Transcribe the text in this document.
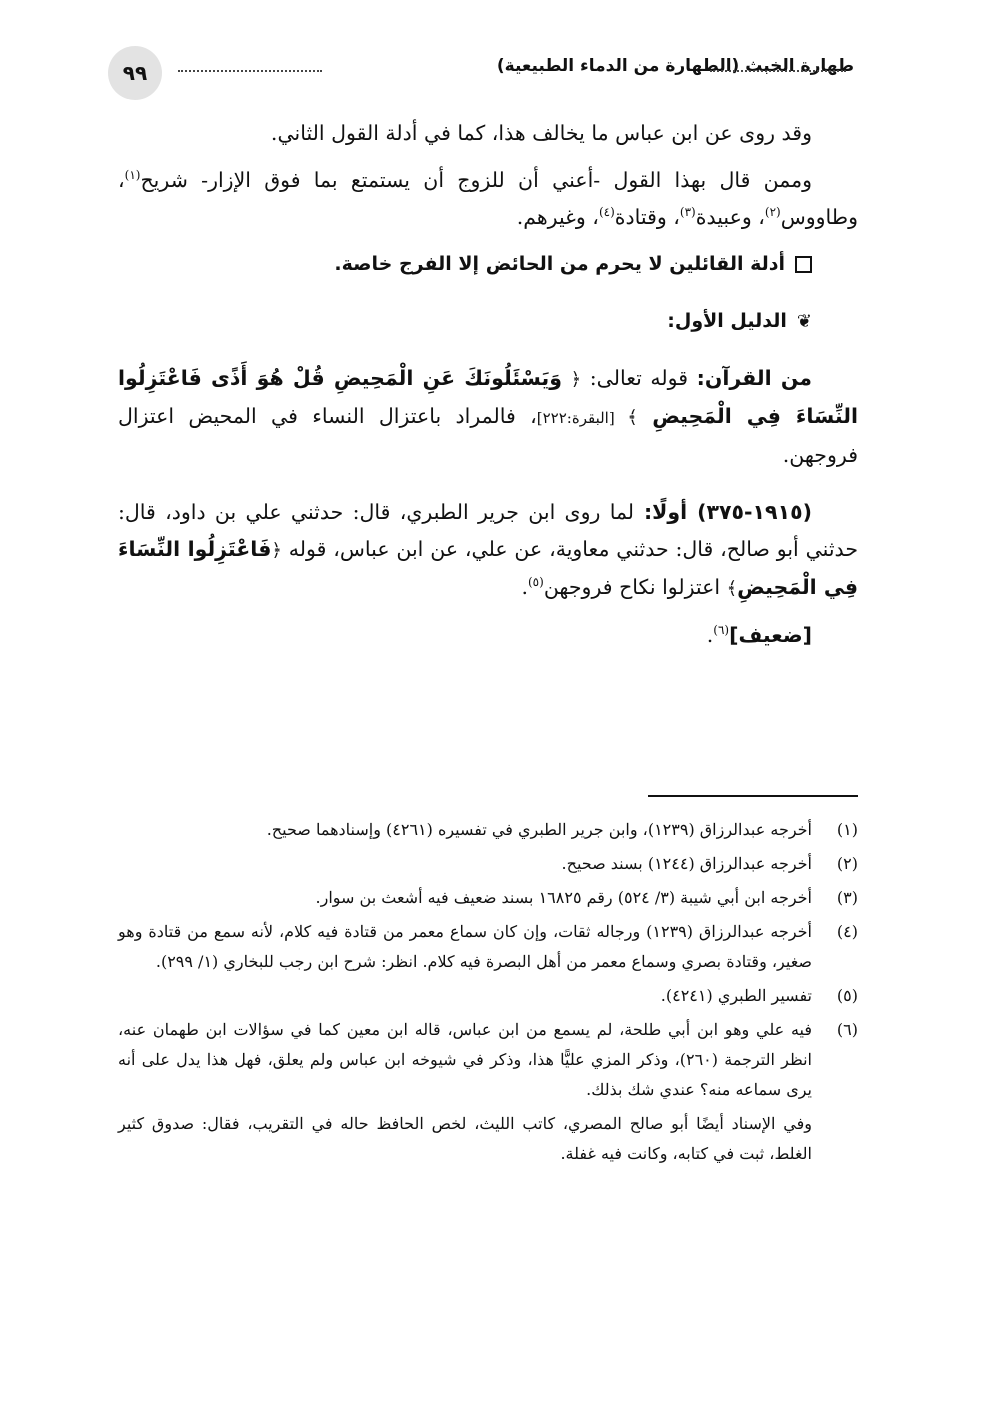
٩٩	طهارة الخبث (الطهارة من الدماء الطبيعية)

وقد روى عن ابن عباس ما يخالف هذا، كما في أدلة القول الثاني.

وممن قال بهذا القول -أعني أن للزوج أن يستمتع بما فوق الإزار- شريح$^{(١)}$، وطاووس$^{(٢)}$، وعبيدة$^{(٣)}$، وقتادة$^{(٤)}$، وغيرهم.

أدلة القائلين لا يحرم من الحائض إلا الفرج خاصة.
❦
الدليل الأول:

من القرآن: قوله تعالى: ﴿ وَيَسْئَلُونَكَ عَنِ الْمَحِيضِ قُلْ هُوَ أَذًى فَاعْتَزِلُوا النِّسَاءَ فِي الْمَحِيضِ ﴾ [البقرة:٢٢٢]، فالمراد باعتزال النساء في المحيض اعتزال فروجهن.

(١٩١٥-٣٧٥) أولًا: لما روى ابن جرير الطبري، قال: حدثني علي بن داود، قال: حدثني أبو صالح، قال: حدثني معاوية، عن علي، عن ابن عباس، قوله ﴿فَاعْتَزِلُوا النِّسَاءَ فِي الْمَحِيضِ﴾ اعتزلوا نكاح فروجهن$^{(٥)}$.

[ضعيف]$^{(٦)}$.

(١)
أخرجه عبدالرزاق (١٢٣٩)، وابن جرير الطبري في تفسيره (٤٢٦١) وإسنادهما صحيح.
(٢)
أخرجه عبدالرزاق (١٢٤٤) بسند صحيح.
(٣)
أخرجه ابن أبي شيبة (٣/ ٥٢٤) رقم ١٦٨٢٥ بسند ضعيف فيه أشعث بن سوار.
(٤)
أخرجه عبدالرزاق (١٢٣٩) ورجاله ثقات، وإن كان سماع معمر من قتادة فيه كلام، لأنه سمع من قتادة وهو صغير، وقتادة بصري وسماع معمر من أهل البصرة فيه كلام. انظر: شرح ابن رجب للبخاري (١/ ٢٩٩).
(٥)
تفسير الطبري (٤٢٤١).
(٦)
فيه علي وهو ابن أبي طلحة، لم يسمع من ابن عباس، قاله ابن معين كما في سؤالات ابن طهمان عنه، انظر الترجمة (٢٦٠)، وذكر المزي عليًّا هذا، وذكر في شيوخه ابن عباس ولم يعلق، فهل هذا يدل على أنه يرى سماعه منه؟ عندي شك بذلك.
وفي الإسناد أيضًا أبو صالح المصري، كاتب الليث، لخص الحافظ حاله في التقريب، فقال: صدوق كثير الغلط، ثبت في كتابه، وكانت فيه غفلة.
